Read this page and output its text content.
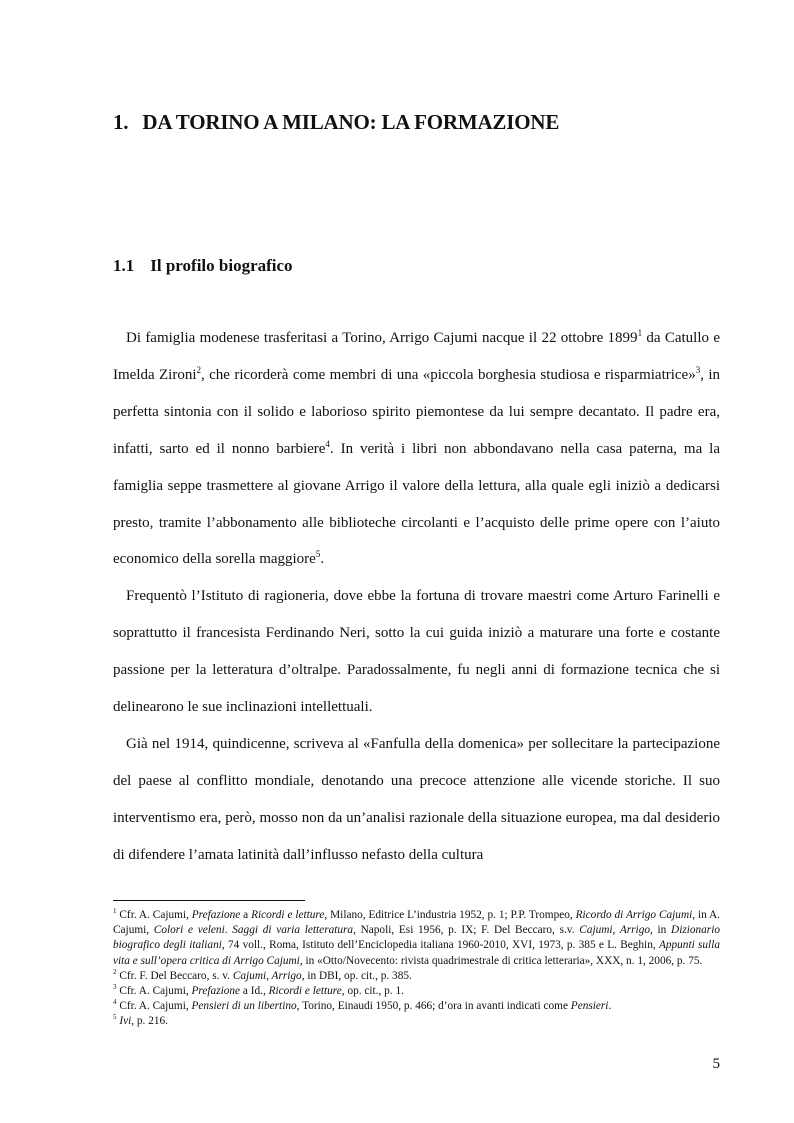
1. DA TORINO A MILANO: LA FORMAZIONE
1.1 Il profilo biografico

Di famiglia modenese trasferitasi a Torino, Arrigo Cajumi nacque il 22 ottobre 1899$^1$ da Catullo e Imelda Zironi$^2$, che ricorderà come membri di una «piccola borghesia studiosa e risparmiatrice»$^3$, in perfetta sintonia con il solido e laborioso spirito piemontese da lui sempre decantato. Il padre era, infatti, sarto ed il nonno barbiere$^4$. In verità i libri non abbondavano nella casa paterna, ma la famiglia seppe trasmettere al giovane Arrigo il valore della lettura, alla quale egli iniziò a dedicarsi presto, tramite l’abbonamento alle biblioteche circolanti e l’acquisto delle prime opere con l’aiuto economico della sorella maggiore$^5$.

Frequentò l’Istituto di ragioneria, dove ebbe la fortuna di trovare maestri come Arturo Farinelli e soprattutto il francesista Ferdinando Neri, sotto la cui guida iniziò a maturare una forte e costante passione per la letteratura d’oltralpe. Paradossalmente, fu negli anni di formazione tecnica che si delinearono le sue inclinazioni intellettuali.

Già nel 1914, quindicenne, scriveva al «Fanfulla della domenica» per sollecitare la partecipazione del paese al conflitto mondiale, denotando una precoce attenzione alle vicende storiche. Il suo interventismo era, però, mosso non da un’analisi razionale della situazione europea, ma dal desiderio di difendere l’amata latinità dall’influsso nefasto della cultura

$^1$ Cfr. A. Cajumi, Prefazione a Ricordi e letture, Milano, Editrice L’industria 1952, p. 1; P.P. Trompeo, Ricordo di Arrigo Cajumi, in A. Cajumi, Colori e veleni. Saggi di varia letteratura, Napoli, Esi 1956, p. IX; F. Del Beccaro, s.v. Cajumi, Arrigo, in Dizionario biografico degli italiani, 74 voll., Roma, Istituto dell’Enciclopedia italiana 1960-2010, XVI, 1973, p. 385 e L. Beghin, Appunti sulla vita e sull’opera critica di Arrigo Cajumi, in «Otto/Novecento: rivista quadrimestrale di critica letteraria», XXX, n. 1, 2006, p. 75.

$^2$ Cfr. F. Del Beccaro, s. v. Cajumi, Arrigo, in DBI, op. cit., p. 385.

$^3$ Cfr. A. Cajumi, Prefazione a Id., Ricordi e letture, op. cit., p. 1.

$^4$ Cfr. A. Cajumi, Pensieri di un libertino, Torino, Einaudi 1950, p. 466; d’ora in avanti indicati come Pensieri.

$^5$ Ivi, p. 216.

5
